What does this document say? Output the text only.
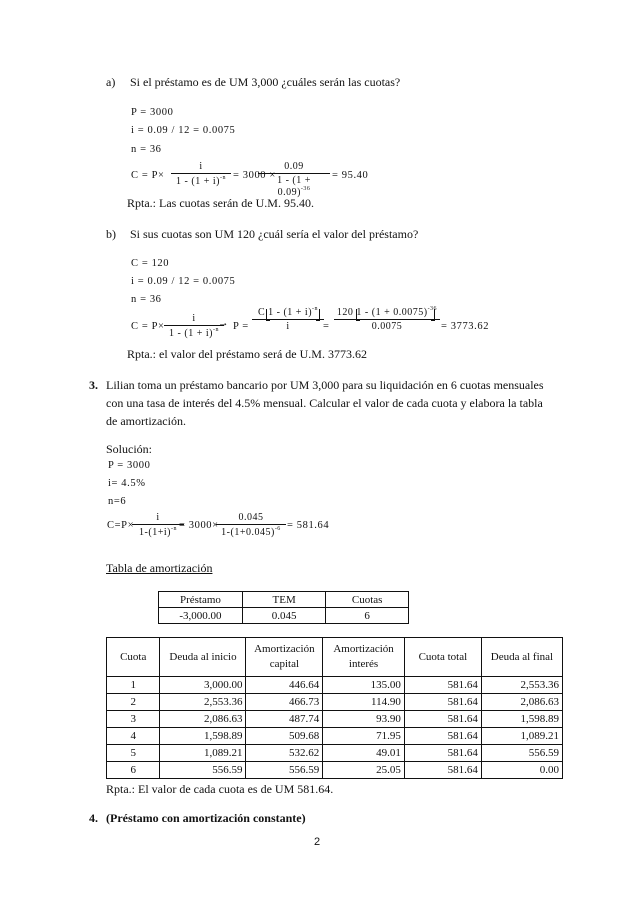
a) Si el préstamo es de UM 3,000 ¿cuáles serán las cuotas?
P = 3000
i = 0.09 / 12 = 0.0075
n = 36
C = P×
i
$1 - (1 + i)^{-n} = 3000$ ×
0.09
$1 - (1 + 0.09)^{-36}$
= 95.40
Rpta.: Las cuotas serán de U.M. 95.40.
b) Si sus cuotas son UM 120 ¿cuál sería el valor del préstamo?
C = 120
i = 0.09 / 12 = 0.0075
n = 36
C = P×
i
$1 - (1 + i)^{-n}$
→ P =
C $1 - (1 + i)^{-n}$
i	=
120 $1 - (1 + 0.0075)^{-36}$
0.0075	= 3773.62
Rpta.: el valor del préstamo será de U.M. 3773.62
3. Lilian toma un préstamo bancario por UM 3,000 para su liquidación en 6 cuotas mensuales
con una tasa de interés del 4.5% mensual. Calcular el valor de cada cuota y elabora la tabla
de amortización.
Solución:
P = 3000
i= 4.5%
n=6
C=P×
i
$1-(1+i)^{-n} = 3000\times$
0.045
$1-(1+0.045)^{-6} = 581.64$
Tabla de amortización
Préstamo	TEM	Cuotas
-3,000.00	0.045	6
Cuota	Deuda al inicio	Amortización capital	Amortización interés	Cuota total	Deuda al final
1	3,000.00	446.64	135.00	581.64	2,553.36
2	2,553.36	466.73	114.90	581.64	2,086.63
3	2,086.63	487.74	93.90	581.64	1,598.89
4	1,598.89	509.68	71.95	581.64	1,089.21
5	1,089.21	532.62	49.01	581.64	556.59
6	556.59	556.59	25.05	581.64	0.00
Rpta.: El valor de cada cuota es de UM 581.64.
4. (Préstamo con amortización constante)
2
